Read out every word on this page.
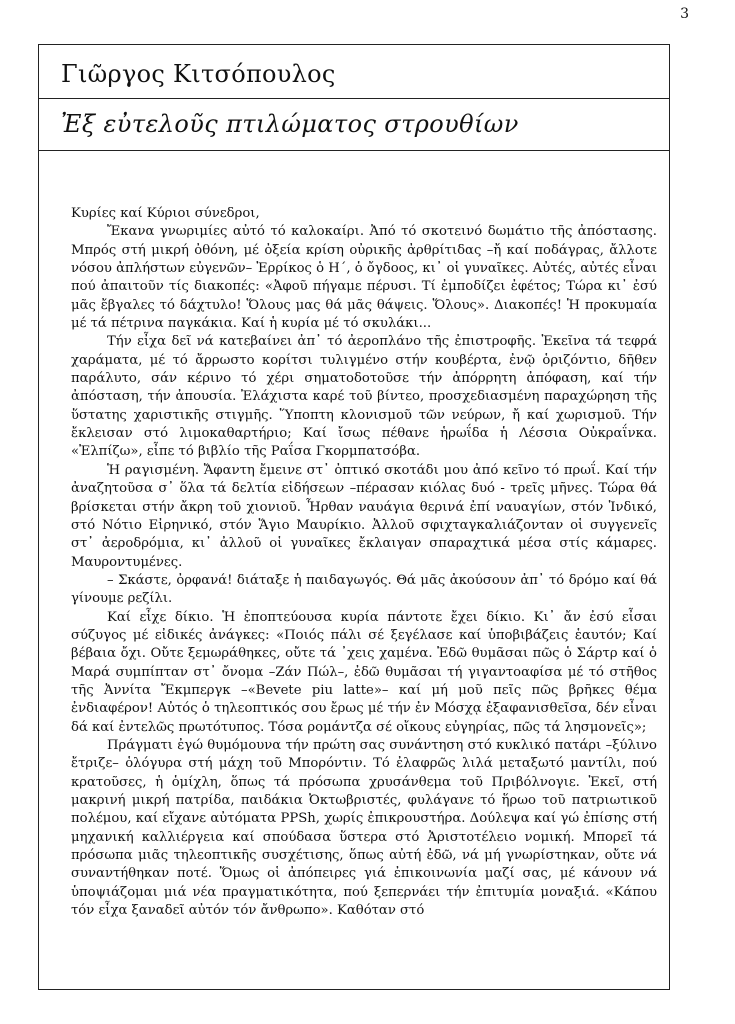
3
Γιῶργος Κιτσόπουλος
Ἐξ εὐτελοῦς πτιλώματος στρουθίων

Κυρίες καί Κύριοι σύνεδροι,

Ἔκανα γνωριμίες αὐτό τό καλοκαίρι. Ἀπό τό σκοτεινό δωμάτιο τῆς ἀπόστασης. Μπρός στή μικρή ὀθόνη, μέ ὀξεία κρίση οὐρικῆς ἀρθρίτιδας –ἤ καί ποδάγρας, ἄλλοτε νόσου ἀπλήστων εὐγενῶν– Ἐρρίκος ὁ Η΄, ὁ ὄγδοος, κι᾽ οἱ γυναῖκες. Αὐτές, αὐτές εἶναι πού ἀπαιτοῦν τίς διακοπές: «Ἀφοῦ πήγαμε πέρυσι. Τί ἐμποδίζει ἐφέτος; Τώρα κι᾽ ἐσύ μᾶς ἔβγαλες τό δάχτυλο! Ὅλους μας θά μᾶς θάψεις. Ὅλους». Διακοπές! Ἡ προκυμαία μέ τά πέτρινα παγκάκια. Καί ἡ κυρία μέ τό σκυλάκι...

Τήν εἶχα δεῖ νά κατεβαίνει ἀπ᾽ τό ἀεροπλάνο τῆς ἐπιστροφῆς. Ἐκεῖνα τά τεφρά χαράματα, μέ τό ἄρρωστο κορίτσι τυλιγμένο στήν κουβέρτα, ἐνῷ ὁριζόντιο, δῆθεν παράλυτο, σάν κέρινο τό χέρι σηματοδοτοῦσε τήν ἀπόρρητη ἀπόφαση, καί τήν ἀπόσταση, τήν ἀπουσία. Ἐλάχιστα καρέ τοῦ βίντεο, προσχεδιασμένη παραχώρηση τῆς ὕστατης χαριστικῆς στιγμῆς. Ὕποπτη κλονισμοῦ τῶν νεύρων, ἤ καί χωρισμοῦ. Τήν ἔκλεισαν στό λιμοκαθαρτήριο; Καί ἴσως πέθανε ἡρωΐδα ἡ Λέσσια Οὐκραΐνκα. «Ἐλπίζω», εἶπε τό βιβλίο τῆς Ραΐσα Γκορμπατσόβα.

Ἡ ραγισμένη. Ἄφαντη ἔμεινε στ᾽ ὀπτικό σκοτάδι μου ἀπό κεῖνο τό πρωΐ. Καί τήν ἀναζητοῦσα σ᾽ ὅλα τά δελτία εἰδήσεων –πέρασαν κιόλας δυό - τρεῖς μῆνες. Τώρα θά βρίσκεται στήν ἄκρη τοῦ χιονιοῦ. Ἦρθαν ναυάγια θερινά ἐπί ναυαγίων, στόν Ἰνδικό, στό Νότιο Εἰρηνικό, στόν Ἅγιο Μαυρίκιο. Ἀλλοῦ σφιχταγκαλιάζονταν οἱ συγγενεῖς στ᾽ ἀεροδρόμια, κι᾽ ἀλλοῦ οἱ γυναῖκες ἔκλαιγαν σπαραχτικά μέσα στίς κάμαρες. Μαυροντυμένες.

– Σκάστε, ὀρφανά! διάταξε ἡ παιδαγωγός. Θά μᾶς ἀκούσουν ἀπ᾽ τό δρόμο καί θά γίνουμε ρεζίλι.

Καί εἶχε δίκιο. Ἡ ἐποπτεύουσα κυρία πάντοτε ἔχει δίκιο. Κι᾽ ἄν ἐσύ εἶσαι σύζυγος μέ εἰδικές ἀνάγκες: «Ποιός πάλι σέ ξεγέλασε καί ὑποβιβάζεις ἑαυτόν; Καί βέβαια ὄχι. Οὔτε ξεμωράθηκες, οὔτε τά ᾽χεις χαμένα. Ἐδῶ θυμᾶσαι πῶς ὁ Σάρτρ καί ὁ Μαρά συμπίπταν στ᾽ ὄνομα –Ζάν Πώλ–, ἐδῶ θυμᾶσαι τή γιγαντοαφίσα μέ τό στῆθος τῆς Ἀννίτα Ἔκμπεργκ –«Bevete piu latte»– καί μή μοῦ πεῖς πῶς βρῆκες θέμα ἐνδιαφέρον! Αὐτός ὁ τηλεοπτικός σου ἔρως μέ τήν ἐν Μόσχᾳ ἐξαφανισθεῖσα, δέν εἶναι δά καί ἐντελῶς πρωτότυπος. Τόσα ρομάντζα σέ οἴκους εὐγηρίας, πῶς τά λησμονεῖς»;

Πράγματι ἐγώ θυμόμουνα τήν πρώτη σας συνάντηση στό κυκλικό πατάρι –ξύλινο ἔτριζε– ὁλόγυρα στή μάχη τοῦ Μπορόντιν. Τό ἐλαφρῶς λιλά μεταξωτό μαντίλι, πού κρατοῦσες, ἡ ὁμίχλη, ὅπως τά πρόσωπα χρυσάνθεμα τοῦ Πριβόλνογιε. Ἐκεῖ, στή μακρινή μικρή πατρίδα, παιδάκια Ὀκτωβριστές, φυλάγανε τό ἥρωο τοῦ πατριωτικοῦ πολέμου, καί εἴχανε αὐτόματα PPSh, χωρίς ἐπικρουστήρα. Δούλεψα καί γώ ἐπίσης στή μηχανική καλλιέργεια καί σπούδασα ὕστερα στό Ἀριστοτέλειο νομική. Μπορεῖ τά πρόσωπα μιᾶς τηλεοπτικῆς συσχέτισης, ὅπως αὐτή ἐδῶ, νά μή γνωρίστηκαν, οὔτε νά συναντήθηκαν ποτέ. Ὅμως οἱ ἀπόπειρες γιά ἐπικοινωνία μαζί σας, μέ κάνουν νά ὑποψιάζομαι μιά νέα πραγματικότητα, πού ξεπερνάει τήν ἐπιτυμία μοναξιά. «Κάπου τόν εἶχα ξαναδεῖ αὐτόν τόν ἄνθρωπο». Καθόταν στό
